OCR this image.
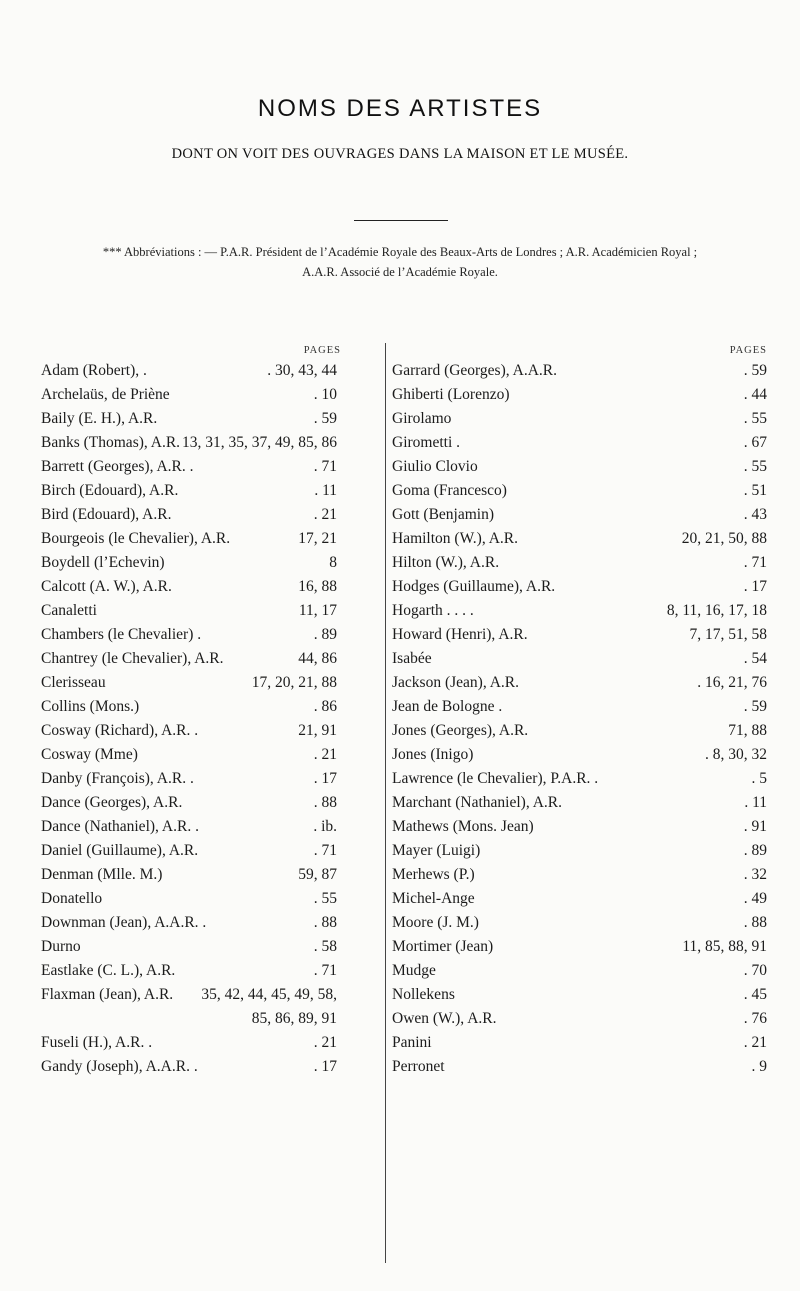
NOMS DES ARTISTES
DONT ON VOIT DES OUVRAGES DANS LA MAISON ET LE MUSÉE.
*** Abbréviations : — P.A.R. Président de l’Académie Royale des Beaux-Arts de Londres ; A.R. Académicien Royal ;
A.A.R. Associé de l’Académie Royale.
PAGES
Adam (Robert), .	. 30, 43, 44
Archelaüs, de Priène	. 10
Baily (E. H.), A.R.	. 59
Banks (Thomas), A.R. 13, 31, 35, 37, 49, 85, 86
Barrett (Georges), A.R. .	. 71
Birch (Edouard), A.R.	. 11
Bird (Edouard), A.R.	. 21
Bourgeois (le Chevalier), A.R.	17, 21
Boydell (l’Echevin)	8
Calcott (A. W.), A.R.	16, 88
Canaletti	11, 17
Chambers (le Chevalier) .	. 89
Chantrey (le Chevalier), A.R.	44, 86
Clerisseau	17, 20, 21, 88
Collins (Mons.)	. 86
Cosway (Richard), A.R. .	21, 91
Cosway (Mme)	. 21
Danby (François), A.R. .	. 17
Dance (Georges), A.R.	. 88
Dance (Nathaniel), A.R. .	. ib.
Daniel (Guillaume), A.R.	. 71
Denman (Mlle. M.)	59, 87
Donatello	. 55
Downman (Jean), A.A.R. .	. 88
Durno	. 58
Eastlake (C. L.), A.R.	. 71
Flaxman (Jean), A.R. 35, 42, 44, 45, 49, 58,
85, 86, 89, 91
Fuseli (H.), A.R. .	. 21
Gandy (Joseph), A.A.R. .	. 17
PAGES
Garrard (Georges), A.A.R.	. 59
Ghiberti (Lorenzo)	. 44
Girolamo	. 55
Girometti .	. 67
Giulio Clovio	. 55
Goma (Francesco)	. 51
Gott (Benjamin)	. 43
Hamilton (W.), A.R.	20, 21, 50, 88
Hilton (W.), A.R.	. 71
Hodges (Guillaume), A.R.	. 17
Hogarth . . . .	8, 11, 16, 17, 18
Howard (Henri), A.R.	7, 17, 51, 58
Isabée	. 54
Jackson (Jean), A.R.	. 16, 21, 76
Jean de Bologne .	. 59
Jones (Georges), A.R.	71, 88
Jones (Inigo)	. 8, 30, 32
Lawrence (le Chevalier), P.A.R. .	. 5
Marchant (Nathaniel), A.R.	. 11
Mathews (Mons. Jean)	. 91
Mayer (Luigi)	. 89
Merhews (P.)	. 32
Michel-Ange	. 49
Moore (J. M.)	. 88
Mortimer (Jean)	11, 85, 88, 91
Mudge	. 70
Nollekens	. 45
Owen (W.), A.R.	. 76
Panini	. 21
Perronet	. 9
